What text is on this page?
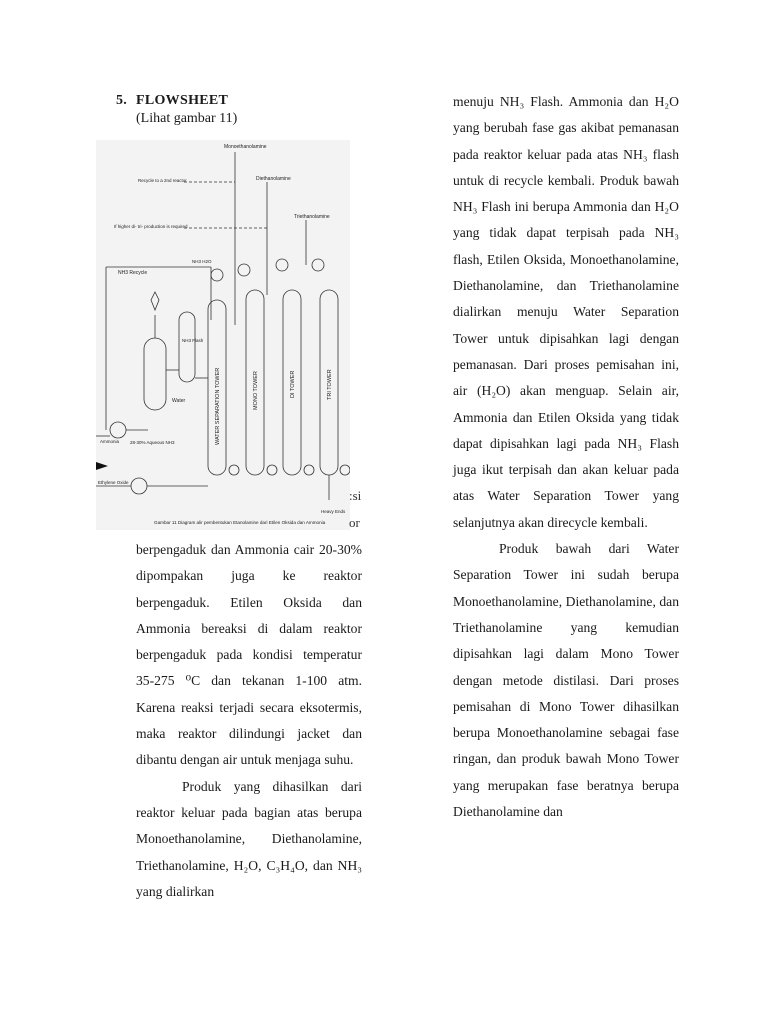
5. FLOWSHEET
(Lihat gambar 11)
Monoethanolamine
Diethanolamine
Triethanolamine
Recycle to a 2nd reactor
If higher di- tri- production is required
NH3 Recycle
NH3 H2O
NH3 Flash
Water
Ammonia 28-30% Aqueous NH3
Ethylene Oxide
Heavy Ends
WATER SEPARATION TOWER	MONO TOWER	DI TOWER	TRI TOWER
Gambar 11 Diagram alir pembentukan Etanolamine dari Etilen Oksida dan Ammonia
:si
or

berpengaduk dan Ammonia cair 20-30% dipompakan juga ke reaktor berpengaduk. Etilen Oksida dan Ammonia bereaksi di dalam reaktor berpengaduk pada kondisi temperatur 35-275 ⁰C dan tekanan 1-100 atm. Karena reaksi terjadi secara eksotermis, maka reaktor dilindungi jacket dan dibantu dengan air untuk menjaga suhu.

Produk yang dihasilkan dari reaktor keluar pada bagian atas berupa Monoethanolamine, Diethanolamine, Triethanolamine, H₂O, C₃H₄O, dan NH₃ yang dialirkan

menuju NH₃ Flash. Ammonia dan H₂O yang berubah fase gas akibat pemanasan pada reaktor keluar pada atas NH₃ flash untuk di recycle kembali. Produk bawah NH₃ Flash ini berupa Ammonia dan H₂O yang tidak dapat terpisah pada NH₃ flash, Etilen Oksida, Monoethanolamine, Diethanolamine, dan Triethanolamine dialirkan menuju Water Separation Tower untuk dipisahkan lagi dengan pemanasan. Dari proses pemisahan ini, air (H₂O) akan menguap. Selain air, Ammonia dan Etilen Oksida yang tidak dapat dipisahkan lagi pada NH₃ Flash juga ikut terpisah dan akan keluar pada atas Water Separation Tower yang selanjutnya akan direcycle kembali.

Produk bawah dari Water Separation Tower ini sudah berupa Monoethanolamine, Diethanolamine, dan Triethanolamine yang kemudian dipisahkan lagi dalam Mono Tower dengan metode distilasi. Dari proses pemisahan di Mono Tower dihasilkan berupa Monoethanolamine sebagai fase ringan, dan produk bawah Mono Tower yang merupakan fase beratnya berupa Diethanolamine dan
